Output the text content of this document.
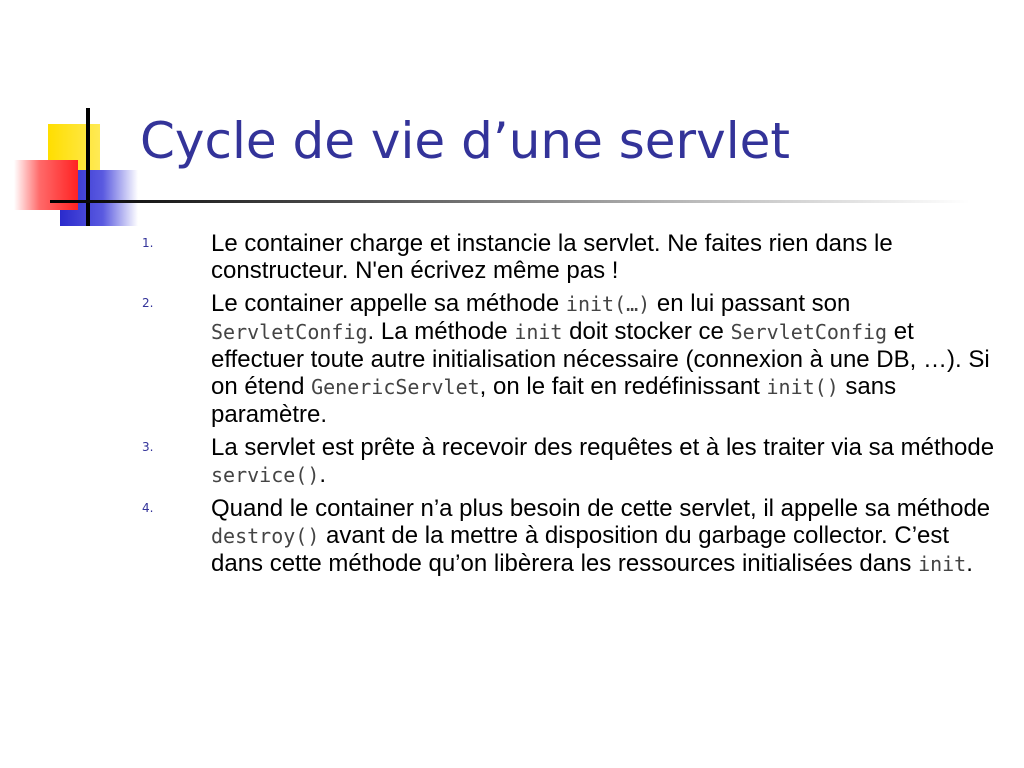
Cycle de vie d’une servlet
1.	Le container charge et instancie la servlet. Ne faites rien dans le constructeur. N'en écrivez même pas !
2.	Le container appelle sa méthode init(…) en lui passant son ServletConfig. La méthode init doit stocker ce ServletConfig et effectuer toute autre initialisation nécessaire (connexion à une DB, …). Si on étend GenericServlet, on le fait en redéfinissant init() sans paramètre.
3.	La servlet est prête à recevoir des requêtes et à les traiter via sa méthode service().
4.	Quand le container n’a plus besoin de cette servlet, il appelle sa méthode destroy() avant de la mettre à disposition du garbage collector. C’est dans cette méthode qu’on libèrera les ressources initialisées dans init.
